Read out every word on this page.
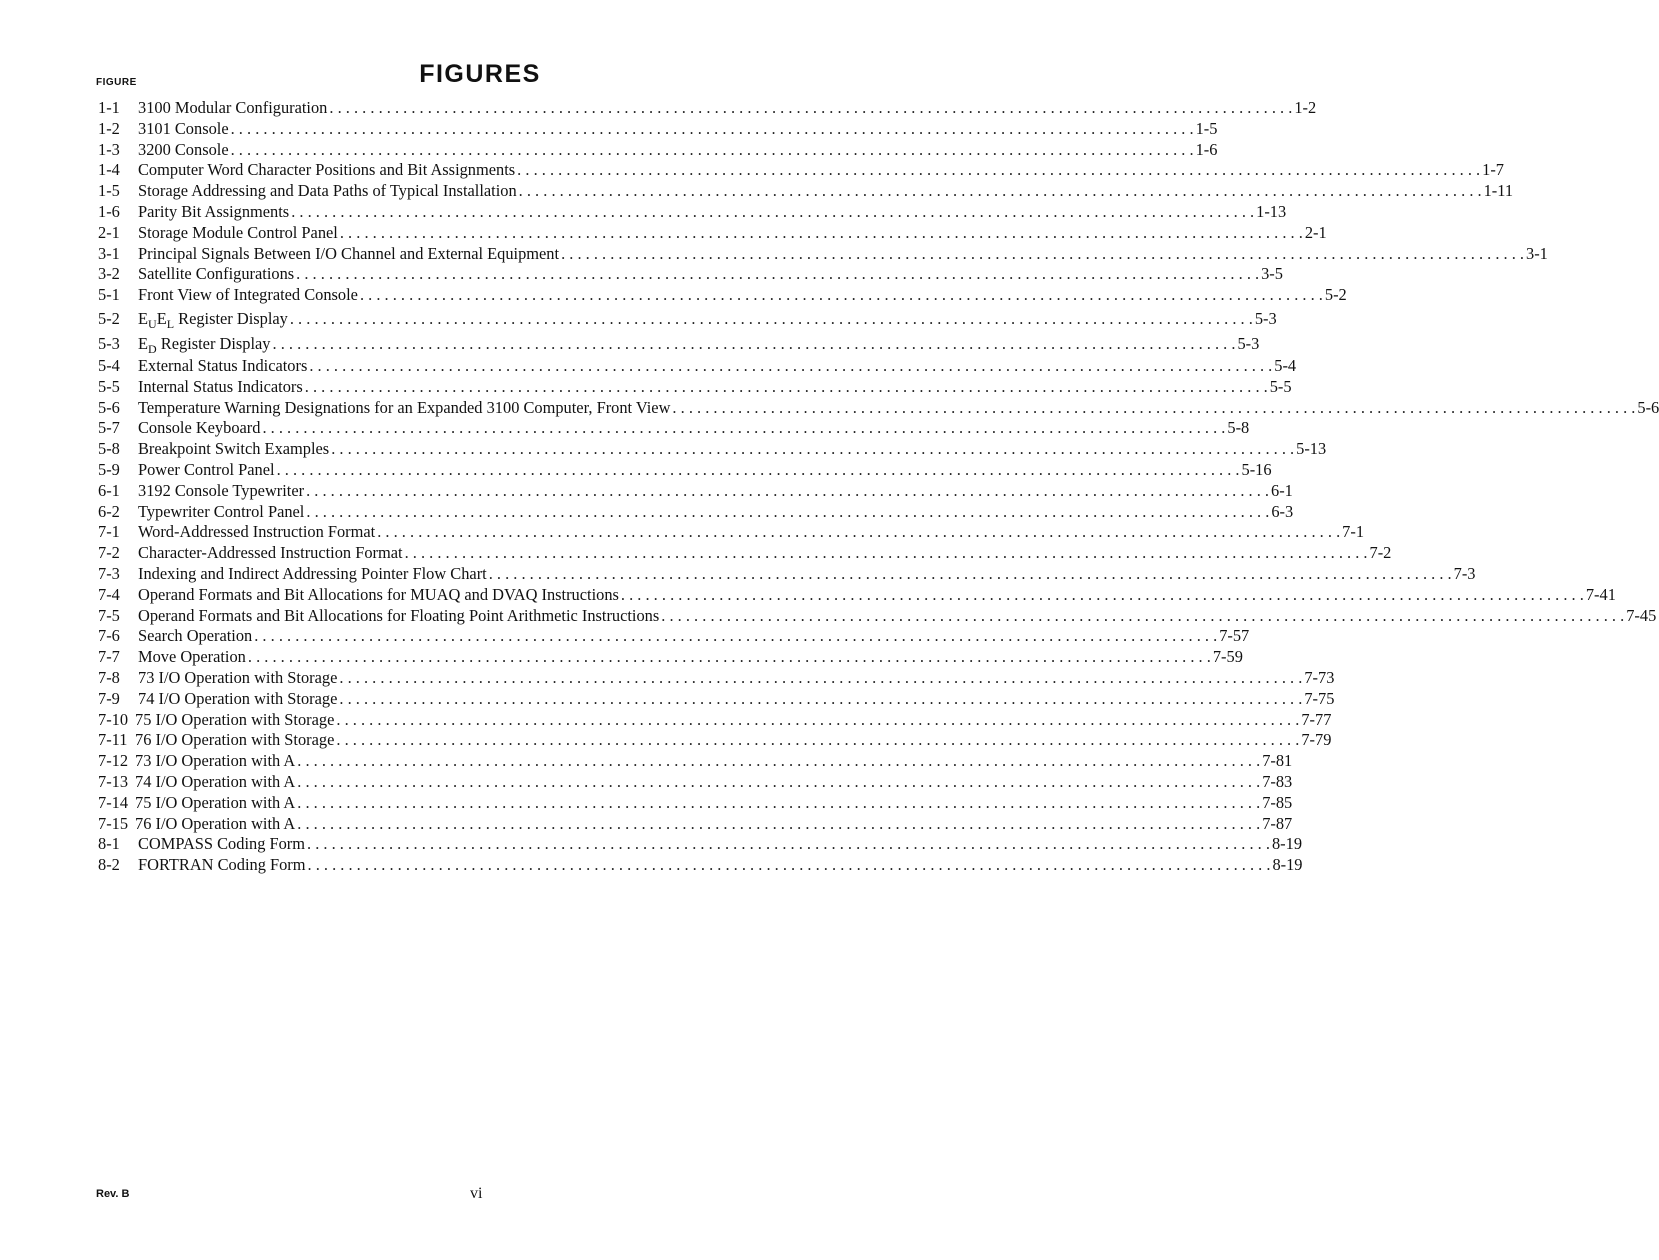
FIGURE	FIGURES
1-1	3100 Modular Configuration . . .	1-2
1-2	3101 Console . . .	1-5
1-3	3200 Console . . .	1-6
1-4	Computer Word Character Positions and Bit Assignments . . .	1-7
1-5	Storage Addressing and Data Paths of Typical Installation . . .	1-11
1-6	Parity Bit Assignments . . .	1-13
2-1	Storage Module Control Panel . . .	2-1
3-1	Principal Signals Between I/O Channel and External Equipment . . .	3-1
3-2	Satellite Configurations . . .	3-5
5-1	Front View of Integrated Console . . .	5-2
5-2	$E_UE_L$ Register Display . . .	5-3
5-3	$E_D$ Register Display . . .	5-3
5-4	External Status Indicators . . .	5-4
5-5	Internal Status Indicators . . .	5-5
5-6	Temperature Warning Designations for an Expanded 3100 Computer, Front View . . .	5-6
5-7	Console Keyboard . . .	5-8
5-8	Breakpoint Switch Examples . . .	5-13
5-9	Power Control Panel . . .	5-16
6-1	3192 Console Typewriter . . .	6-1
6-2	Typewriter Control Panel . . .	6-3
7-1	Word-Addressed Instruction Format . . .	7-1
7-2	Character-Addressed Instruction Format . . .	7-2
7-3	Indexing and Indirect Addressing Pointer Flow Chart . . .	7-3
7-4	Operand Formats and Bit Allocations for MUAQ and DVAQ Instructions . . .	7-41
7-5	Operand Formats and Bit Allocations for Floating Point Arithmetic Instructions . . .	7-45
7-6	Search Operation . . .	7-57
7-7	Move Operation . . .	7-59
7-8	73 I/O Operation with Storage . . .	7-73
7-9	74 I/O Operation with Storage . . .	7-75
7-10 75 I/O Operation with Storage . . .	7-77
7-11 76 I/O Operation with Storage . . .	7-79
7-12 73 I/O Operation with A . . .	7-81
7-13 74 I/O Operation with A . . .	7-83
7-14 75 I/O Operation with A . . .	7-85
7-15 76 I/O Operation with A . . .	7-87
8-1	COMPASS Coding Form . . .	8-19
8-2	FORTRAN Coding Form . . .	8-19
Rev. B	vi
